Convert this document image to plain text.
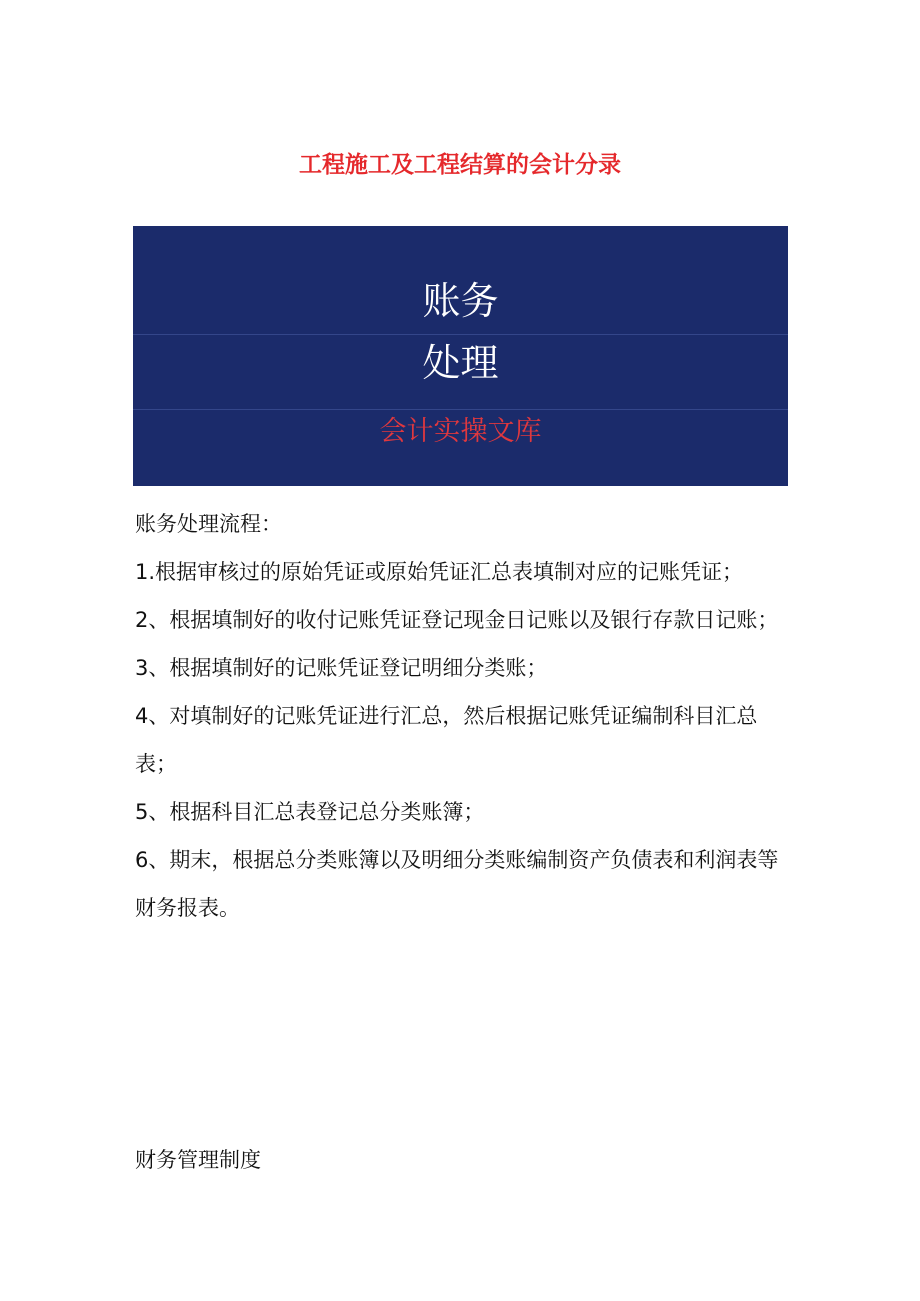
工程施工及工程结算的会计分录
账务
处理
会计实操文库

账务处理流程：

1.根据审核过的原始凭证或原始凭证汇总表填制对应的记账凭证；

2、根据填制好的收付记账凭证登记现金日记账以及银行存款日记账；

3、根据填制好的记账凭证登记明细分类账；

4、对填制好的记账凭证进行汇总，然后根据记账凭证编制科目汇总表；

5、根据科目汇总表登记总分类账簿；

6、期末，根据总分类账簿以及明细分类账编制资产负债表和利润表等财务报表。

财务管理制度
